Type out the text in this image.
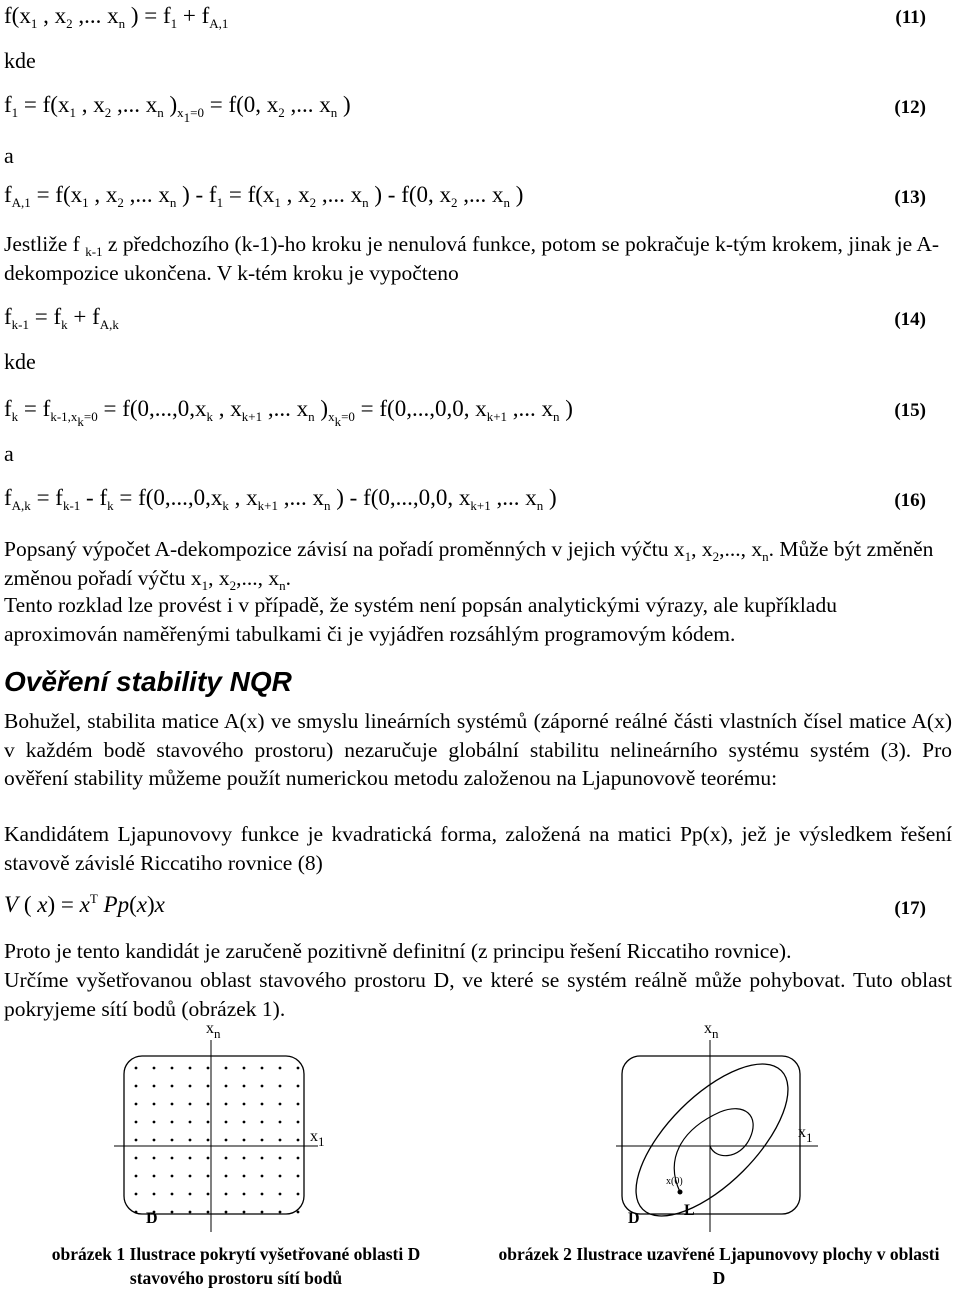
$f(x_1$ , $x_2$ ,... $x_n$ ) = $f_1 + f_{A,1}$	(11)
kde
$f_1 = f(x_1$ , $x_2$ ,... $x_n$ )$_{x_1=0} = f(0$, $x_2$ ,... $x_n$ )	(12)
a
$f_{A,1} = f(x_1$ , $x_2$ ,... $x_n$ ) - $f_1 = f(x_1$ , $x_2$ ,... $x_n$ ) - f(0, $x_2$ ,... $x_n$ )	(13)
Jestliže f $_{k-1}$ z předchozího (k-1)-ho kroku je nenulová funkce, potom se pokračuje k-tým krokem, jinak je A-dekompozice ukončena. V k-tém kroku je vypočteno
$f_{k-1} = f_k + f_{A,k}$	(14)
kde
$f_k = f_{k-1,x_k=0} = f(0,...,0,x_k$ , $x_{k+1}$ ,... $x_n$ )$_{x_k=0} = f(0,...,0,0$, $x_{k+1}$ ,... $x_n$ )	(15)
a
$f_{A,k} = f_{k-1} - f_k = f(0,...,0,x_k$ , $x_{k+1}$ ,... $x_n$ ) - f(0,...,0,0, $x_{k+1}$ ,... $x_n$ )	(16)
Popsaný výpočet A-dekompozice závisí na pořadí proměnných v jejich výčtu $x_1$, $x_2$,..., $x_n$. Může být změněn změnou pořadí výčtu $x_1$, $x_2$,..., $x_n$.
Tento rozklad lze provést i v případě, že systém není popsán analytickými výrazy, ale kupříkladu aproximován naměřenými tabulkami či je vyjádřen rozsáhlým programovým kódem.
Ověření stability NQR
Bohužel, stabilita matice A(x) ve smyslu lineárních systémů (záporné reálné části vlastních čísel matice A(x) v každém bodě stavového prostoru) nezaručuje globální stabilitu nelineárního systému systém (3). Pro ověření stability můžeme použít numerickou metodu založenou na Ljapunovově teorému:
Kandidátem Ljapunovovy funkce je kvadratická forma, založená na matici Pp(x), jež je výsledkem řešení stavově závislé Riccatiho rovnice (8)
V ( $x) = x^T$ Pp(x)x	(17)
Proto je tento kandidát je zaručeně pozitivně definitní (z principu řešení Riccatiho rovnice).
Určíme vyšetřovanou oblast stavového prostoru D, ve které se systém reálně může pohybovat. Tuto oblast pokryjeme sítí bodů (obrázek 1).
$x_n$
$x_1$
D
$x_n$
$x_1$
x(0)
D	L
obrázek 1 Ilustrace pokrytí vyšetřované oblasti D stavového prostoru sítí bodů
obrázek 2 Ilustrace uzavřené Ljapunovovy plochy v oblasti D
